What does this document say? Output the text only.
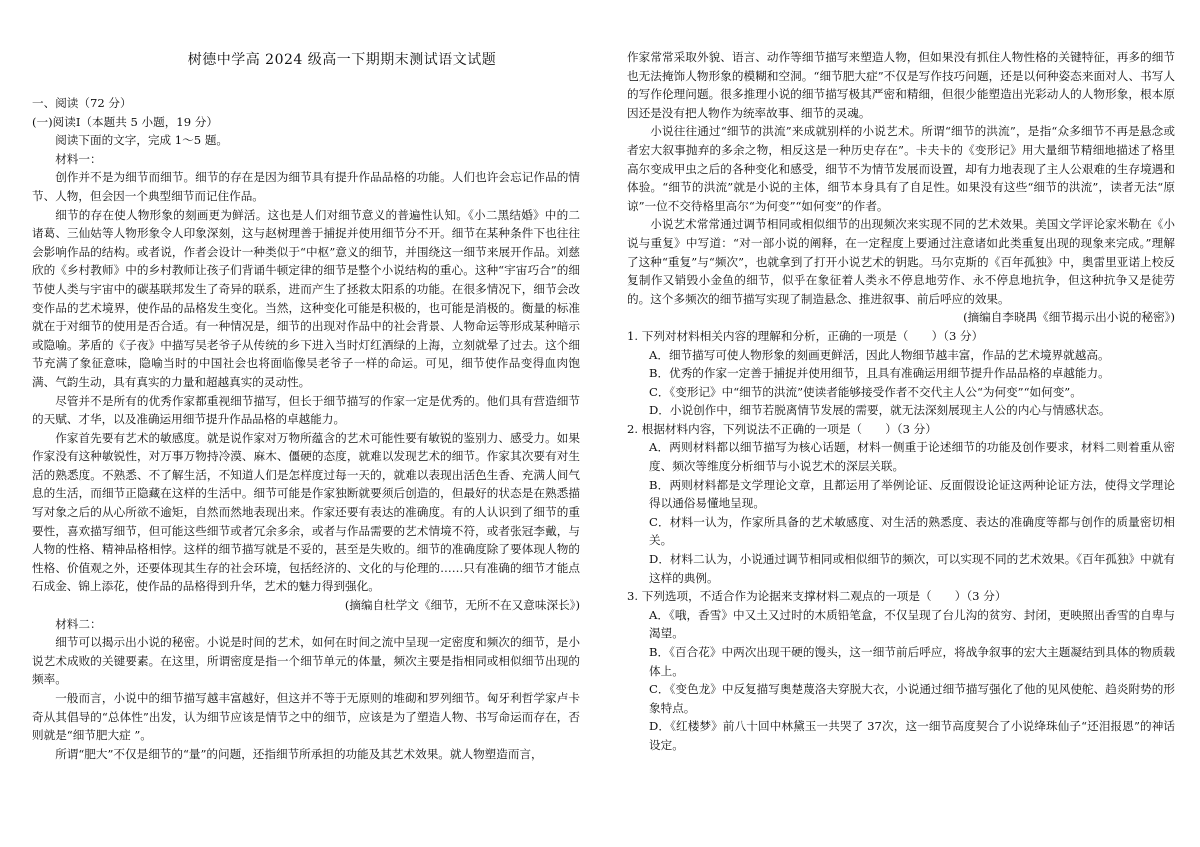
树德中学高 2024 级高一下期期末测试语文试题

一、阅读（72 分）

(一)阅读Ⅰ（本题共 5 小题，19 分）

阅读下面的文字，完成 1～5 题。

材料一：

创作并不是为细节而细节。细节的存在是因为细节具有提升作品品格的功能。人们也许会忘记作品的情节、人物，但会因一个典型细节而记住作品。

细节的存在使人物形象的刻画更为鲜活。这也是人们对细节意义的普遍性认知。《小二黑结婚》中的二诸葛、三仙姑等人物形象令人印象深刻，这与赵树理善于捕捉并使用细节分不开。细节在某种条件下也往往会影响作品的结构。或者说，作者会设计一种类似于“中枢”意义的细节，并围绕这一细节来展开作品。刘慈欣的《乡村教师》中的乡村教师让孩子们背诵牛顿定律的细节是整个小说结构的重心。这种“宇宙巧合”的细节使人类与宇宙中的碳基联邦发生了奇异的联系，进而产生了拯救太阳系的功能。在很多情况下，细节会改变作品的艺术境界，使作品的品格发生变化。当然，这种变化可能是积极的，也可能是消极的。衡量的标准就在于对细节的使用是否合适。有一种情况是，细节的出现对作品中的社会背景、人物命运等形成某种暗示或隐喻。茅盾的《子夜》中描写吴老爷子从传统的乡下进入当时灯红酒绿的上海，立刻就晕了过去。这个细节充满了象征意味，隐喻当时的中国社会也将面临像吴老爷子一样的命运。可见，细节使作品变得血肉饱满、气韵生动，具有真实的力量和超越真实的灵动性。

尽管并不是所有的优秀作家都重视细节描写，但长于细节描写的作家一定是优秀的。他们具有营造细节的天赋、才华，以及准确运用细节提升作品品格的卓越能力。

作家首先要有艺术的敏感度。就是说作家对万物所蕴含的艺术可能性要有敏锐的鉴别力、感受力。如果作家没有这种敏锐性，对万事万物持冷漠、麻木、僵硬的态度，就难以发现艺术的细节。作家其次要有对生活的熟悉度。不熟悉、不了解生活，不知道人们是怎样度过每一天的，就难以表现出活色生香、充满人间气息的生活，而细节正隐藏在这样的生活中。细节可能是作家独断就要须后创造的，但最好的状态是在熟悉描写对象之后的从心所欲不逾矩，自然而然地表现出来。作家还要有表达的准确度。有的人认识到了细节的重要性，喜欢描写细节，但可能这些细节或者冗余多余，或者与作品需要的艺术情境不符，或者张冠李戴，与人物的性格、精神品格相悖。这样的细节描写就是不妥的，甚至是失败的。细节的准确度除了要体现人物的性格、价值观之外，还要体现其生存的社会环境，包括经济的、文化的与伦理的……只有准确的细节才能点石成金、锦上添花，使作品的品格得到升华，艺术的魅力得到强化。

(摘编自杜学文《细节，无所不在又意味深长》)

材料二：

细节可以揭示出小说的秘密。小说是时间的艺术，如何在时间之流中呈现一定密度和频次的细节，是小说艺术成败的关键要素。在这里，所谓密度是指一个细节单元的体量，频次主要是指相同或相似细节出现的频率。

一般而言，小说中的细节描写越丰富越好，但这并不等于无原则的堆砌和罗列细节。匈牙利哲学家卢卡奇从其倡导的“总体性”出发，认为细节应该是情节之中的细节，应该是为了塑造人物、书写命运而存在，否则就是“细节肥大症 ”。

所谓“肥大”不仅是细节的“量”的问题，还指细节所承担的功能及其艺术效果。就人物塑造而言，

作家常常采取外貌、语言、动作等细节描写来塑造人物，但如果没有抓住人物性格的关键特征，再多的细节也无法掩饰人物形象的模糊和空洞。“细节肥大症”不仅是写作技巧问题，还是以何种姿态来面对人、书写人的写作伦理问题。很多推理小说的细节描写极其严密和精细，但很少能塑造出光彩动人的人物形象，根本原因还是没有把人物作为统率故事、细节的灵魂。

小说往往通过“细节的洪流”来成就别样的小说艺术。所谓“细节的洪流”，是指“众多细节不再是悬念或者宏大叙事抛弃的多余之物，相反这是一种历史存在”。卡夫卡的《变形记》用大量细节精细地描述了格里高尔变成甲虫之后的各种变化和感受，细节不为情节发展而设置，却有力地表现了主人公艰难的生存境遇和体验。“细节的洪流”就是小说的主体，细节本身具有了自足性。如果没有这些“细节的洪流”，读者无法“原谅”一位不交待格里高尔“为何变”“如何变”的作者。

小说艺术常常通过调节相同或相似细节的出现频次来实现不同的艺术效果。美国文学评论家米勒在《小说与重复》中写道：“对一部小说的阐释，在一定程度上要通过注意诸如此类重复出现的现象来完成。”理解了这种“重复”与“频次”，也就拿到了打开小说艺术的钥匙。马尔克斯的《百年孤独》中，奥雷里亚诺上校反复制作又销毁小金鱼的细节，似乎在象征着人类永不停息地劳作、永不停息地抗争，但这种抗争又是徒劳的。这个多频次的细节描写实现了制造悬念、推进叙事、前后呼应的效果。

(摘编自李晓禺《细节揭示出小说的秘密》)

1. 下列对材料相关内容的理解和分析，正确的一项是（　　）（3 分）

A．细节描写可使人物形象的刻画更鲜活，因此人物细节越丰富，作品的艺术境界就越高。

B．优秀的作家一定善于捕捉并使用细节，且具有准确运用细节提升作品品格的卓越能力。

C．《变形记》中“细节的洪流”使读者能够接受作者不交代主人公“为何变”“如何变”。

D．小说创作中，细节若脱离情节发展的需要，就无法深刻展现主人公的内心与情感状态。

2. 根据材料内容，下列说法不正确的一项是（　　）（3 分）

A．两则材料都以细节描写为核心话题，材料一侧重于论述细节的功能及创作要求，材料二则着重从密度、频次等维度分析细节与小说艺术的深层关联。

B．两则材料都是文学理论文章，且都运用了举例论证、反面假设论证这两种论证方法，使得文学理论得以通俗易懂地呈现。

C．材料一认为，作家所具备的艺术敏感度、对生活的熟悉度、表达的准确度等都与创作的质量密切相关。

D．材料二认为，小说通过调节相同或相似细节的频次，可以实现不同的艺术效果。《百年孤独》中就有这样的典例。

3. 下列选项，不适合作为论据来支撑材料二观点的一项是（　　）（3 分）

A．《哦，香雪》中又土又过时的木质铅笔盒，不仅呈现了台儿沟的贫穷、封闭，更映照出香雪的自卑与渴望。

B．《百合花》中两次出现干硬的馒头，这一细节前后呼应，将战争叙事的宏大主题凝结到具体的物质载体上。

C．《变色龙》中反复描写奥楚蔑洛夫穿脱大衣，小说通过细节描写强化了他的见风使舵、趋炎附势的形象特点。

D．《红楼梦》前八十回中林黛玉一共哭了 37次，这一细节高度契合了小说绛珠仙子“还泪报恩”的神话设定。
